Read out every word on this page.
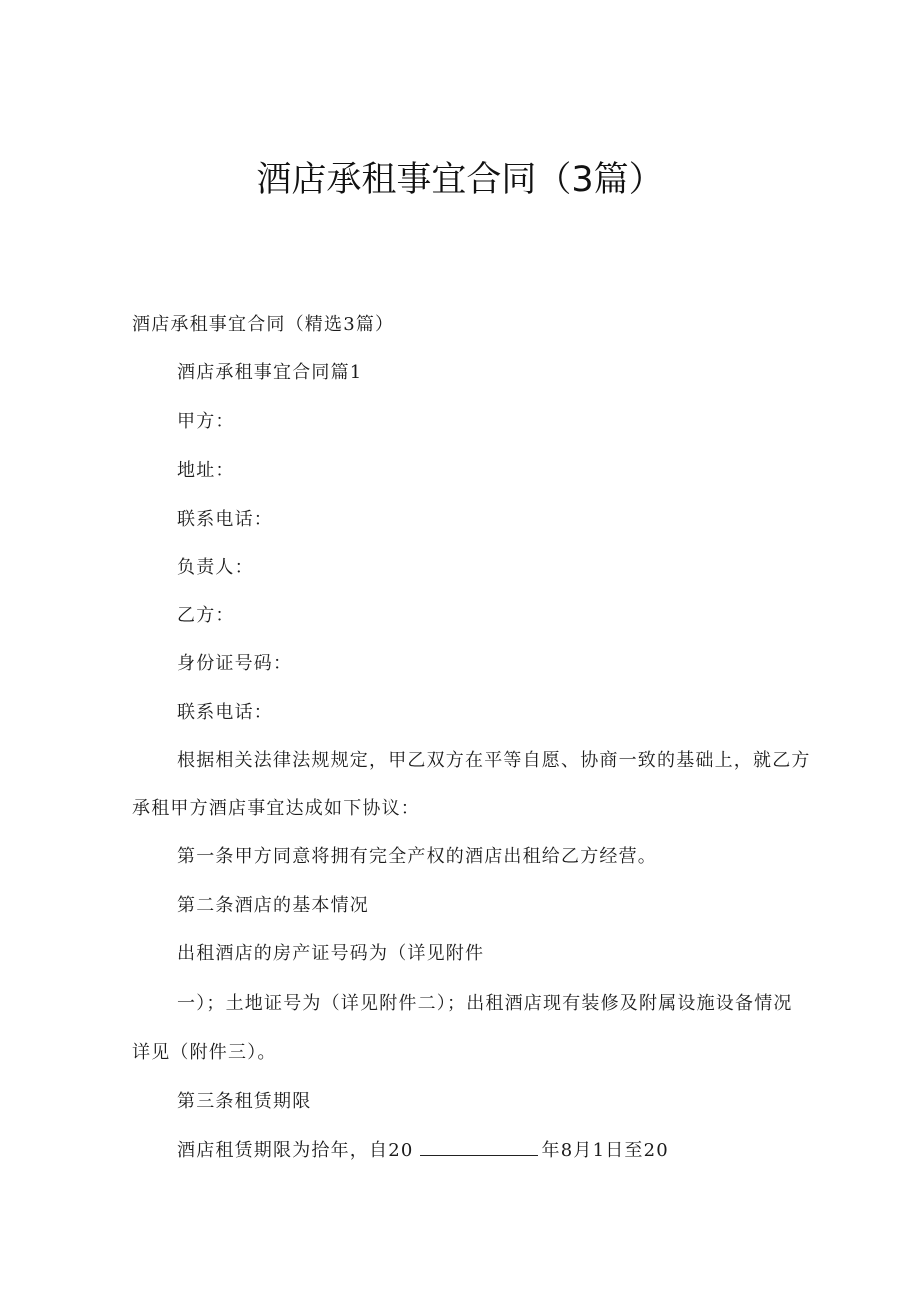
酒店承租事宜合同（3篇）

酒店承租事宜合同（精选3篇）

酒店承租事宜合同篇1

甲方：

地址：

联系电话：

负责人：

乙方：

身份证号码：

联系电话：

根据相关法律法规规定，甲乙双方在平等自愿、协商一致的基础上，就乙方

承租甲方酒店事宜达成如下协议：

第一条甲方同意将拥有完全产权的酒店出租给乙方经营。

第二条酒店的基本情况

出租酒店的房产证号码为（详见附件

一）；土地证号为（详见附件二）；出租酒店现有装修及附属设施设备情况

详见（附件三）。

第三条租赁期限

酒店租赁期限为拾年，自20	年8月1日至20
